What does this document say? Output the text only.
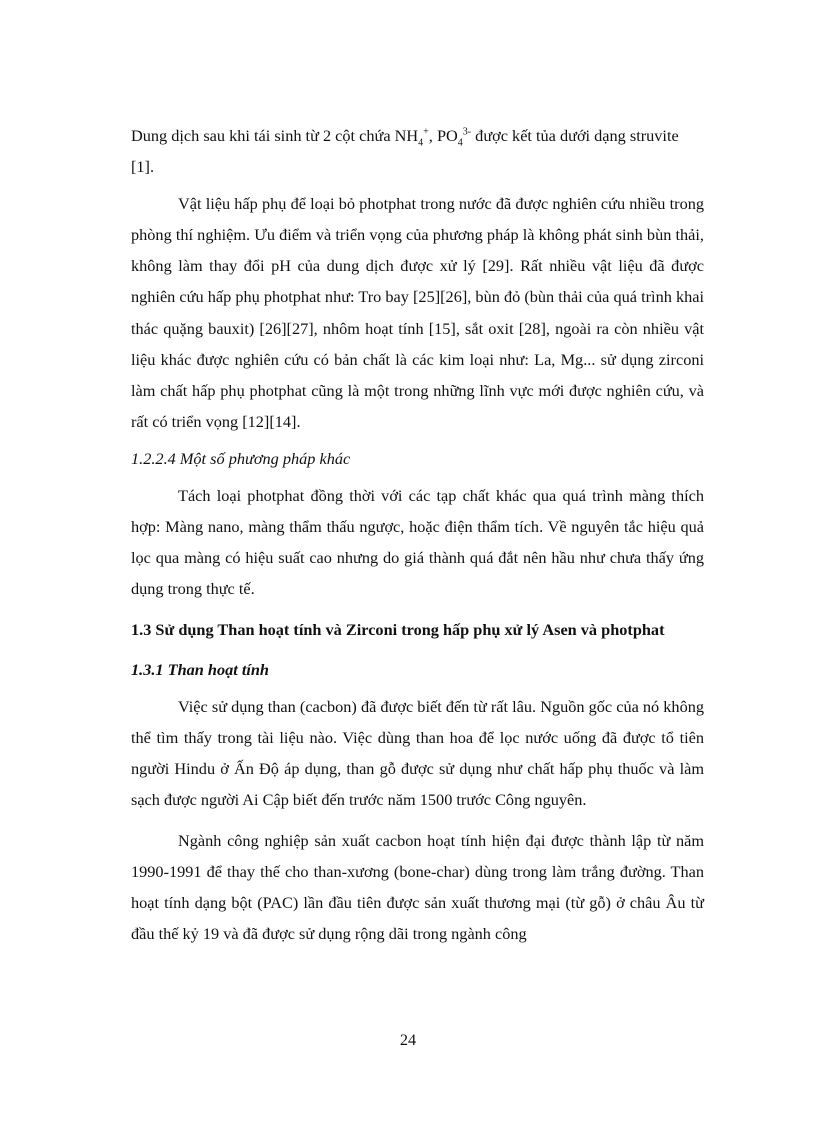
Dung dịch sau khi tái sinh từ 2 cột chứa $NH_4^+$, $PO_4^{3-}$ được kết tủa dưới dạng struvite [1].

Vật liệu hấp phụ để loại bỏ photphat trong nước đã được nghiên cứu nhiều trong phòng thí nghiệm. Ưu điểm và triển vọng của phương pháp là không phát sinh bùn thải, không làm thay đổi pH của dung dịch được xử lý [29]. Rất nhiều vật liệu đã được nghiên cứu hấp phụ photphat như: Tro bay [25][26], bùn đỏ (bùn thải của quá trình khai thác quặng bauxit) [26][27], nhôm hoạt tính [15], sắt oxit [28], ngoài ra còn nhiều vật liệu khác được nghiên cứu có bản chất là các kim loại như: La, Mg... sử dụng zirconi làm chất hấp phụ photphat cũng là một trong những lĩnh vực mới được nghiên cứu, và rất có triển vọng [12][14].

1.2.2.4 Một số phương pháp khác

Tách loại photphat đồng thời với các tạp chất khác qua quá trình màng thích hợp: Màng nano, màng thẩm thấu ngược, hoặc điện thẩm tích. Về nguyên tắc hiệu quả lọc qua màng có hiệu suất cao nhưng do giá thành quá đắt nên hầu như chưa thấy ứng dụng trong thực tế.

1.3 Sử dụng Than hoạt tính và Zirconi trong hấp phụ xử lý Asen và photphat
1.3.1 Than hoạt tính

Việc sử dụng than (cacbon) đã được biết đến từ rất lâu. Nguồn gốc của nó không thể tìm thấy trong tài liệu nào. Việc dùng than hoa để lọc nước uống đã được tổ tiên người Hindu ở Ấn Độ áp dụng, than gỗ được sử dụng như chất hấp phụ thuốc và làm sạch được người Ai Cập biết đến trước năm 1500 trước Công nguyên.

Ngành công nghiệp sản xuất cacbon hoạt tính hiện đại được thành lập từ năm 1990-1991 để thay thế cho than-xương (bone-char) dùng trong làm trắng đường. Than hoạt tính dạng bột (PAC) lần đầu tiên được sản xuất thương mại (từ gỗ) ở châu Âu từ đầu thế kỷ 19 và đã được sử dụng rộng dãi trong ngành công

24
